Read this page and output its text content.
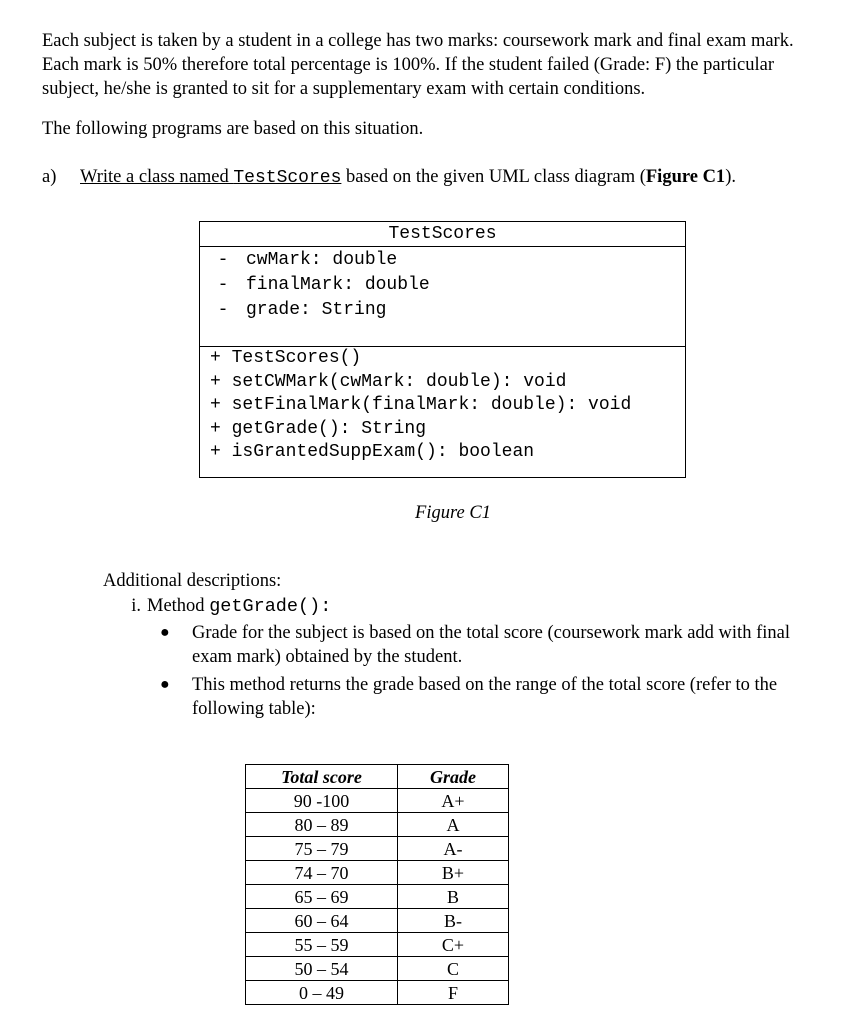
Each subject is taken by a student in a college has two marks: coursework mark and final exam mark. Each mark is 50% therefore total percentage is 100%. If the student failed (Grade: F) the particular subject, he/she is granted to sit for a supplementary exam with certain conditions.

The following programs are based on this situation.
a) Write a class named TestScores based on the given UML class diagram (Figure C1).
TestScores
- cwMark: double
- finalMark: double
- grade: String
+ TestScores()
+ setCWMark(cwMark: double): void
+ setFinalMark(finalMark: double): void
+ getGrade(): String
+ isGrantedSuppExam(): boolean
Figure C1
Additional descriptions:
i. Method getGrade():
●	Grade for the subject is based on the total score (coursework mark add with final exam mark) obtained by the student.
●	This method returns the grade based on the range of the total score (refer to the following table):
Total score	Grade
90 -100	A+
80 – 89	A
75 – 79	A-
74 – 70	B+
65 – 69	B
60 – 64	B-
55 – 59	C+
50 – 54	C
0 – 49	F
